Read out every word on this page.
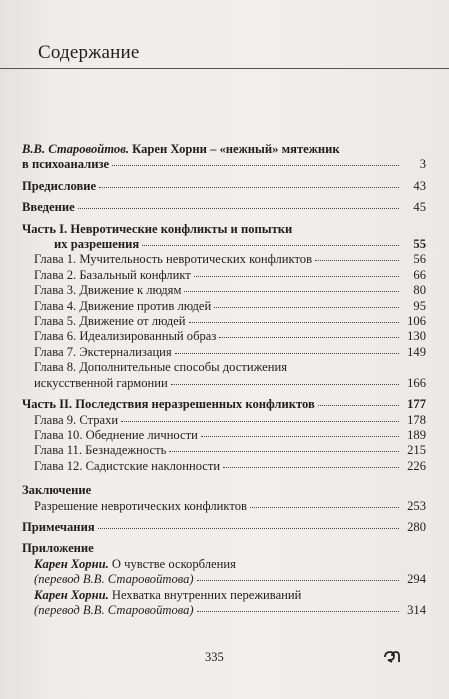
Содержание
В.В. Старовойтов. Карен Хорни – «нежный» мятежник
в психоанализе	3
Предисловие	43
Введение	45
Часть I. Невротические конфликты и попытки
их разрешения	55
Глава 1. Мучительность невротических конфликтов	56
Глава 2. Базальный конфликт	66
Глава 3. Движение к людям	80
Глава 4. Движение против людей	95
Глава 5. Движение от людей	106
Глава 6. Идеализированный образ	130
Глава 7. Экстернализация	149
Глава 8. Дополнительные способы достижения
искусственной гармонии	166
Часть II. Последствия неразрешенных конфликтов	177
Глава 9. Страхи	178
Глава 10. Обеднение личности	189
Глава 11. Безнадежность	215
Глава 12. Садистские наклонности	226
Заключение
Разрешение невротических конфликтов	253
Примечания	280
Приложение
Карен Хорни. О чувстве оскорбления
(перевод В.В. Старовойтова)	294
Карен Хорни. Нехватка внутренних переживаний
(перевод В.В. Старовойтова)	314
335
